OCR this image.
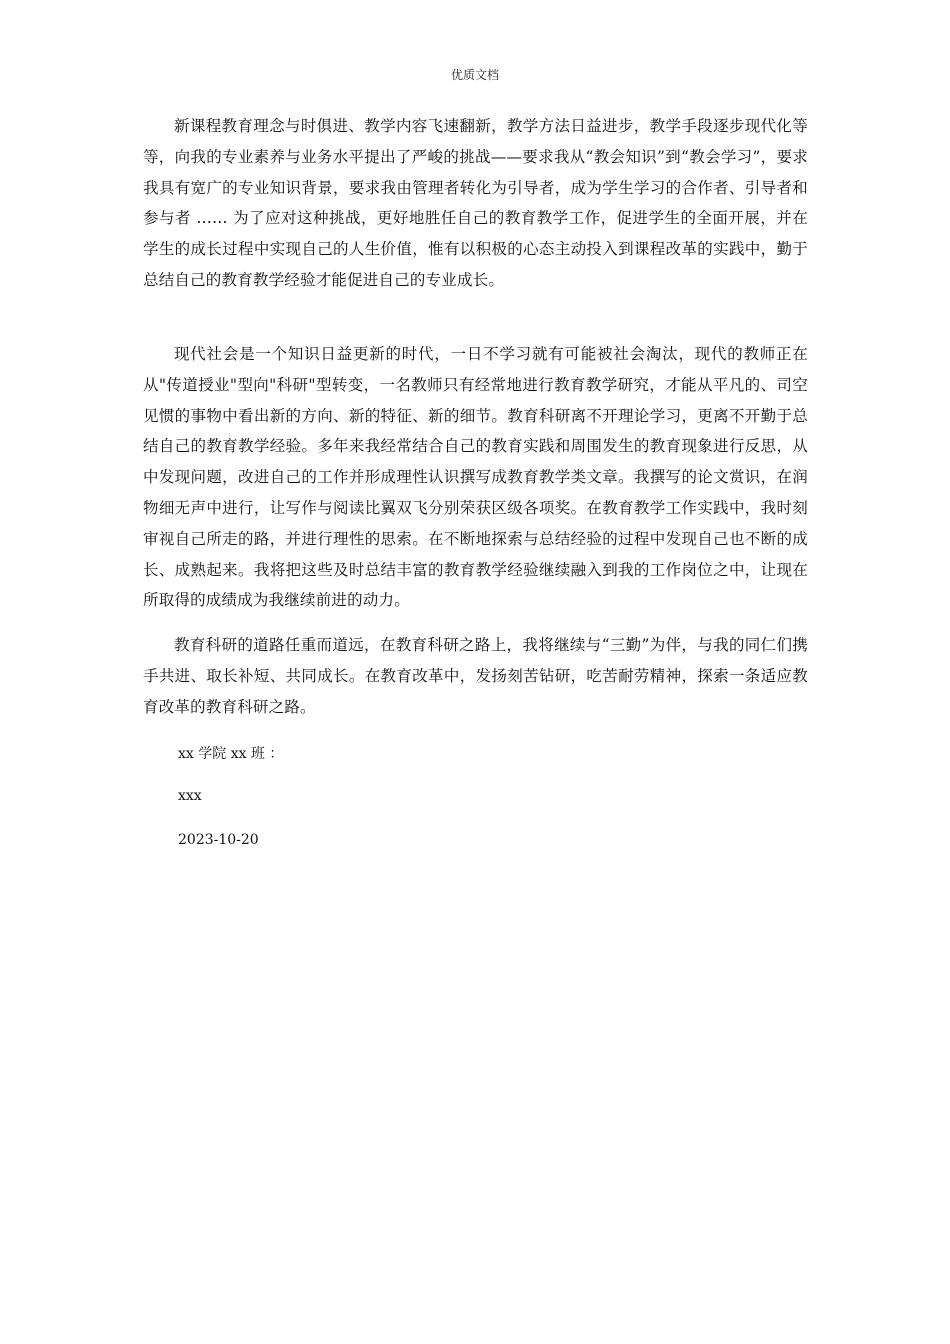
优质文档

新课程教育理念与时俱进、教学内容飞速翻新，教学方法日益进步，教学手段逐步现代化等等，向我的专业素养与业务水平提出了严峻的挑战——要求我从“教会知识”到“教会学习”，要求我具有宽广的专业知识背景，要求我由管理者转化为引导者，成为学生学习的合作者、引导者和参与者 …… 为了应对这种挑战，更好地胜任自己的教育教学工作，促进学生的全面开展，并在学生的成长过程中实现自己的人生价值，惟有以积极的心态主动投入到课程改革的实践中，勤于总结自己的教育教学经验才能促进自己的专业成长。

现代社会是一个知识日益更新的时代，一日不学习就有可能被社会淘汰，现代的教师正在从"传道授业"型向"科研"型转变，一名教师只有经常地进行教育教学研究，才能从平凡的、司空见惯的事物中看出新的方向、新的特征、新的细节。教育科研离不开理论学习，更离不开勤于总结自己的教育教学经验。多年来我经常结合自己的教育实践和周围发生的教育现象进行反思，从中发现问题，改进自己的工作并形成理性认识撰写成教育教学类文章。我撰写的论文赏识，在润物细无声中进行，让写作与阅读比翼双飞分别荣获区级各项奖。在教育教学工作实践中，我时刻审视自己所走的路，并进行理性的思索。在不断地探索与总结经验的过程中发现自己也不断的成长、成熟起来。我将把这些及时总结丰富的教育教学经验继续融入到我的工作岗位之中，让现在所取得的成绩成为我继续前进的动力。

教育科研的道路任重而道远，在教育科研之路上，我将继续与“三勤”为伴，与我的同仁们携手共进、取长补短、共同成长。在教育改革中，发扬刻苦钻研，吃苦耐劳精神，探索一条适应教育改革的教育科研之路。

xx 学院 xx 班 ：
xxx
2023-10-20
